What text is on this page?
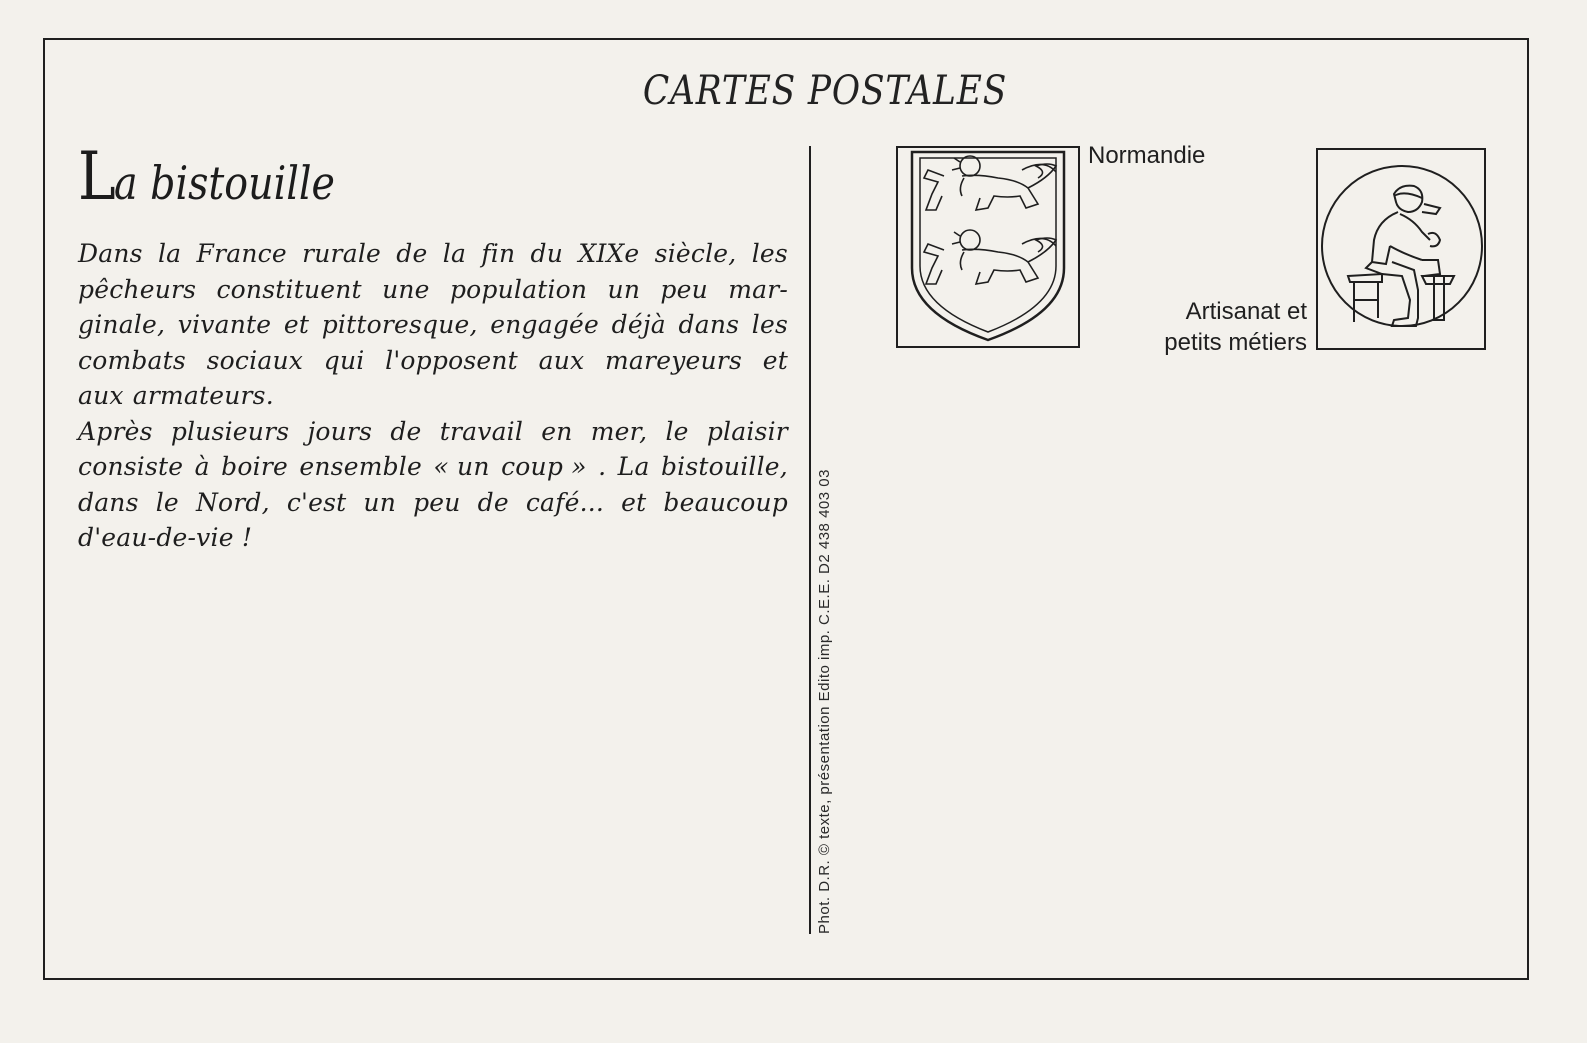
CARTES POSTALES
La bistouille
Dans la France rurale de la fin du XIXe siècle, les
pêcheurs constituent une population un peu mar-
ginale, vivante et pittoresque, engagée déjà dans les
combats sociaux qui l'opposent aux mareyeurs et
aux armateurs.
Après plusieurs jours de travail en mer, le plaisir
consiste à boire ensemble « un coup » . La bistouille,
dans le Nord, c'est un peu de café... et beaucoup
d'eau-de-vie !	Phot. D.R. © texte, présentation Edito imp. C.E.E. D2 438 403 03
Normandie
Artisanat et
petits métiers
